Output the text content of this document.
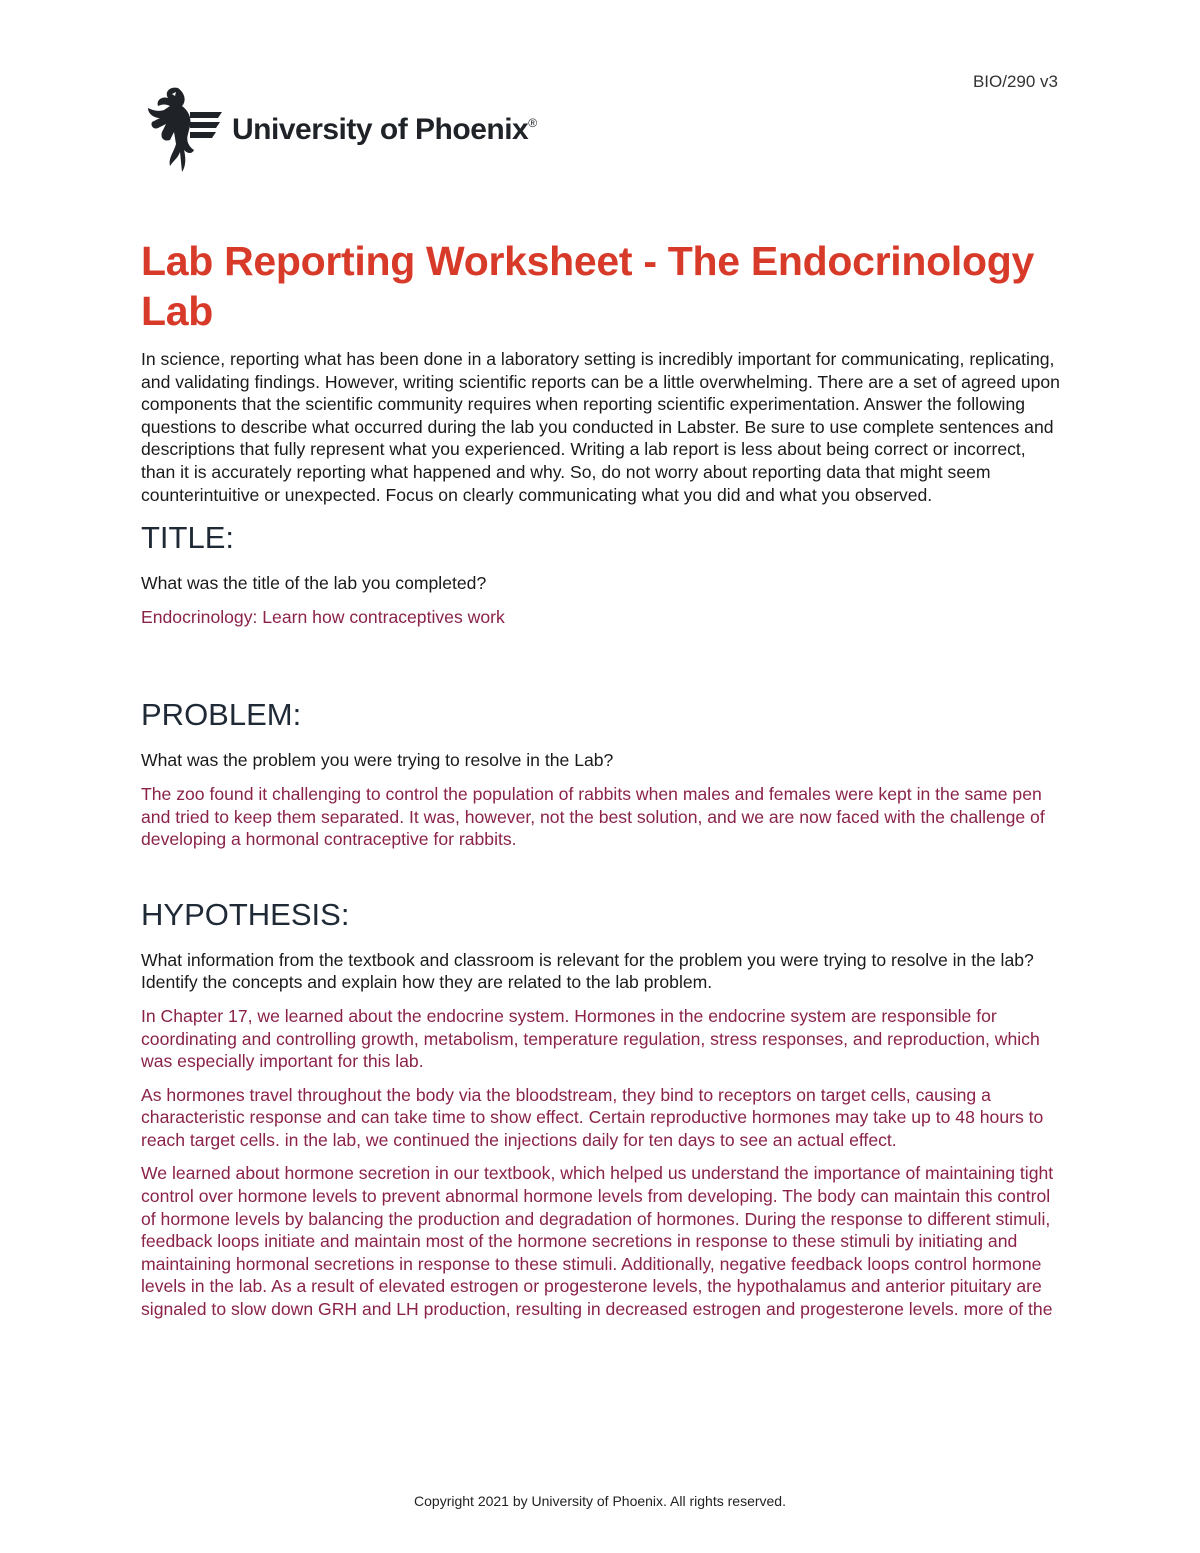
BIO/290 v3
University of Phoenix®
Lab Reporting Worksheet - The Endocrinology Lab

In science, reporting what has been done in a laboratory setting is incredibly important for communicating, replicating, and validating findings. However, writing scientific reports can be a little overwhelming. There are a set of agreed upon components that the scientific community requires when reporting scientific experimentation. Answer the following questions to describe what occurred during the lab you conducted in Labster. Be sure to use complete sentences and descriptions that fully represent what you experienced. Writing a lab report is less about being correct or incorrect, than it is accurately reporting what happened and why. So, do not worry about reporting data that might seem counterintuitive or unexpected. Focus on clearly communicating what you did and what you observed.

TITLE:

What was the title of the lab you completed?

Endocrinology: Learn how contraceptives work

PROBLEM:

What was the problem you were trying to resolve in the Lab?

The zoo found it challenging to control the population of rabbits when males and females were kept in the same pen and tried to keep them separated. It was, however, not the best solution, and we are now faced with the challenge of developing a hormonal contraceptive for rabbits.

HYPOTHESIS:

What information from the textbook and classroom is relevant for the problem you were trying to resolve in the lab? Identify the concepts and explain how they are related to the lab problem.

In Chapter 17, we learned about the endocrine system. Hormones in the endocrine system are responsible for coordinating and controlling growth, metabolism, temperature regulation, stress responses, and reproduction, which was especially important for this lab.

As hormones travel throughout the body via the bloodstream, they bind to receptors on target cells, causing a characteristic response and can take time to show effect. Certain reproductive hormones may take up to 48 hours to reach target cells. in the lab, we continued the injections daily for ten days to see an actual effect.

We learned about hormone secretion in our textbook, which helped us understand the importance of maintaining tight control over hormone levels to prevent abnormal hormone levels from developing. The body can maintain this control of hormone levels by balancing the production and degradation of hormones. During the response to different stimuli, feedback loops initiate and maintain most of the hormone secretions in response to these stimuli by initiating and maintaining hormonal secretions in response to these stimuli. Additionally, negative feedback loops control hormone levels in the lab. As a result of elevated estrogen or progesterone levels, the hypothalamus and anterior pituitary are signaled to slow down GRH and LH production, resulting in decreased estrogen and progesterone levels. more of the

Copyright 2021 by University of Phoenix. All rights reserved.
